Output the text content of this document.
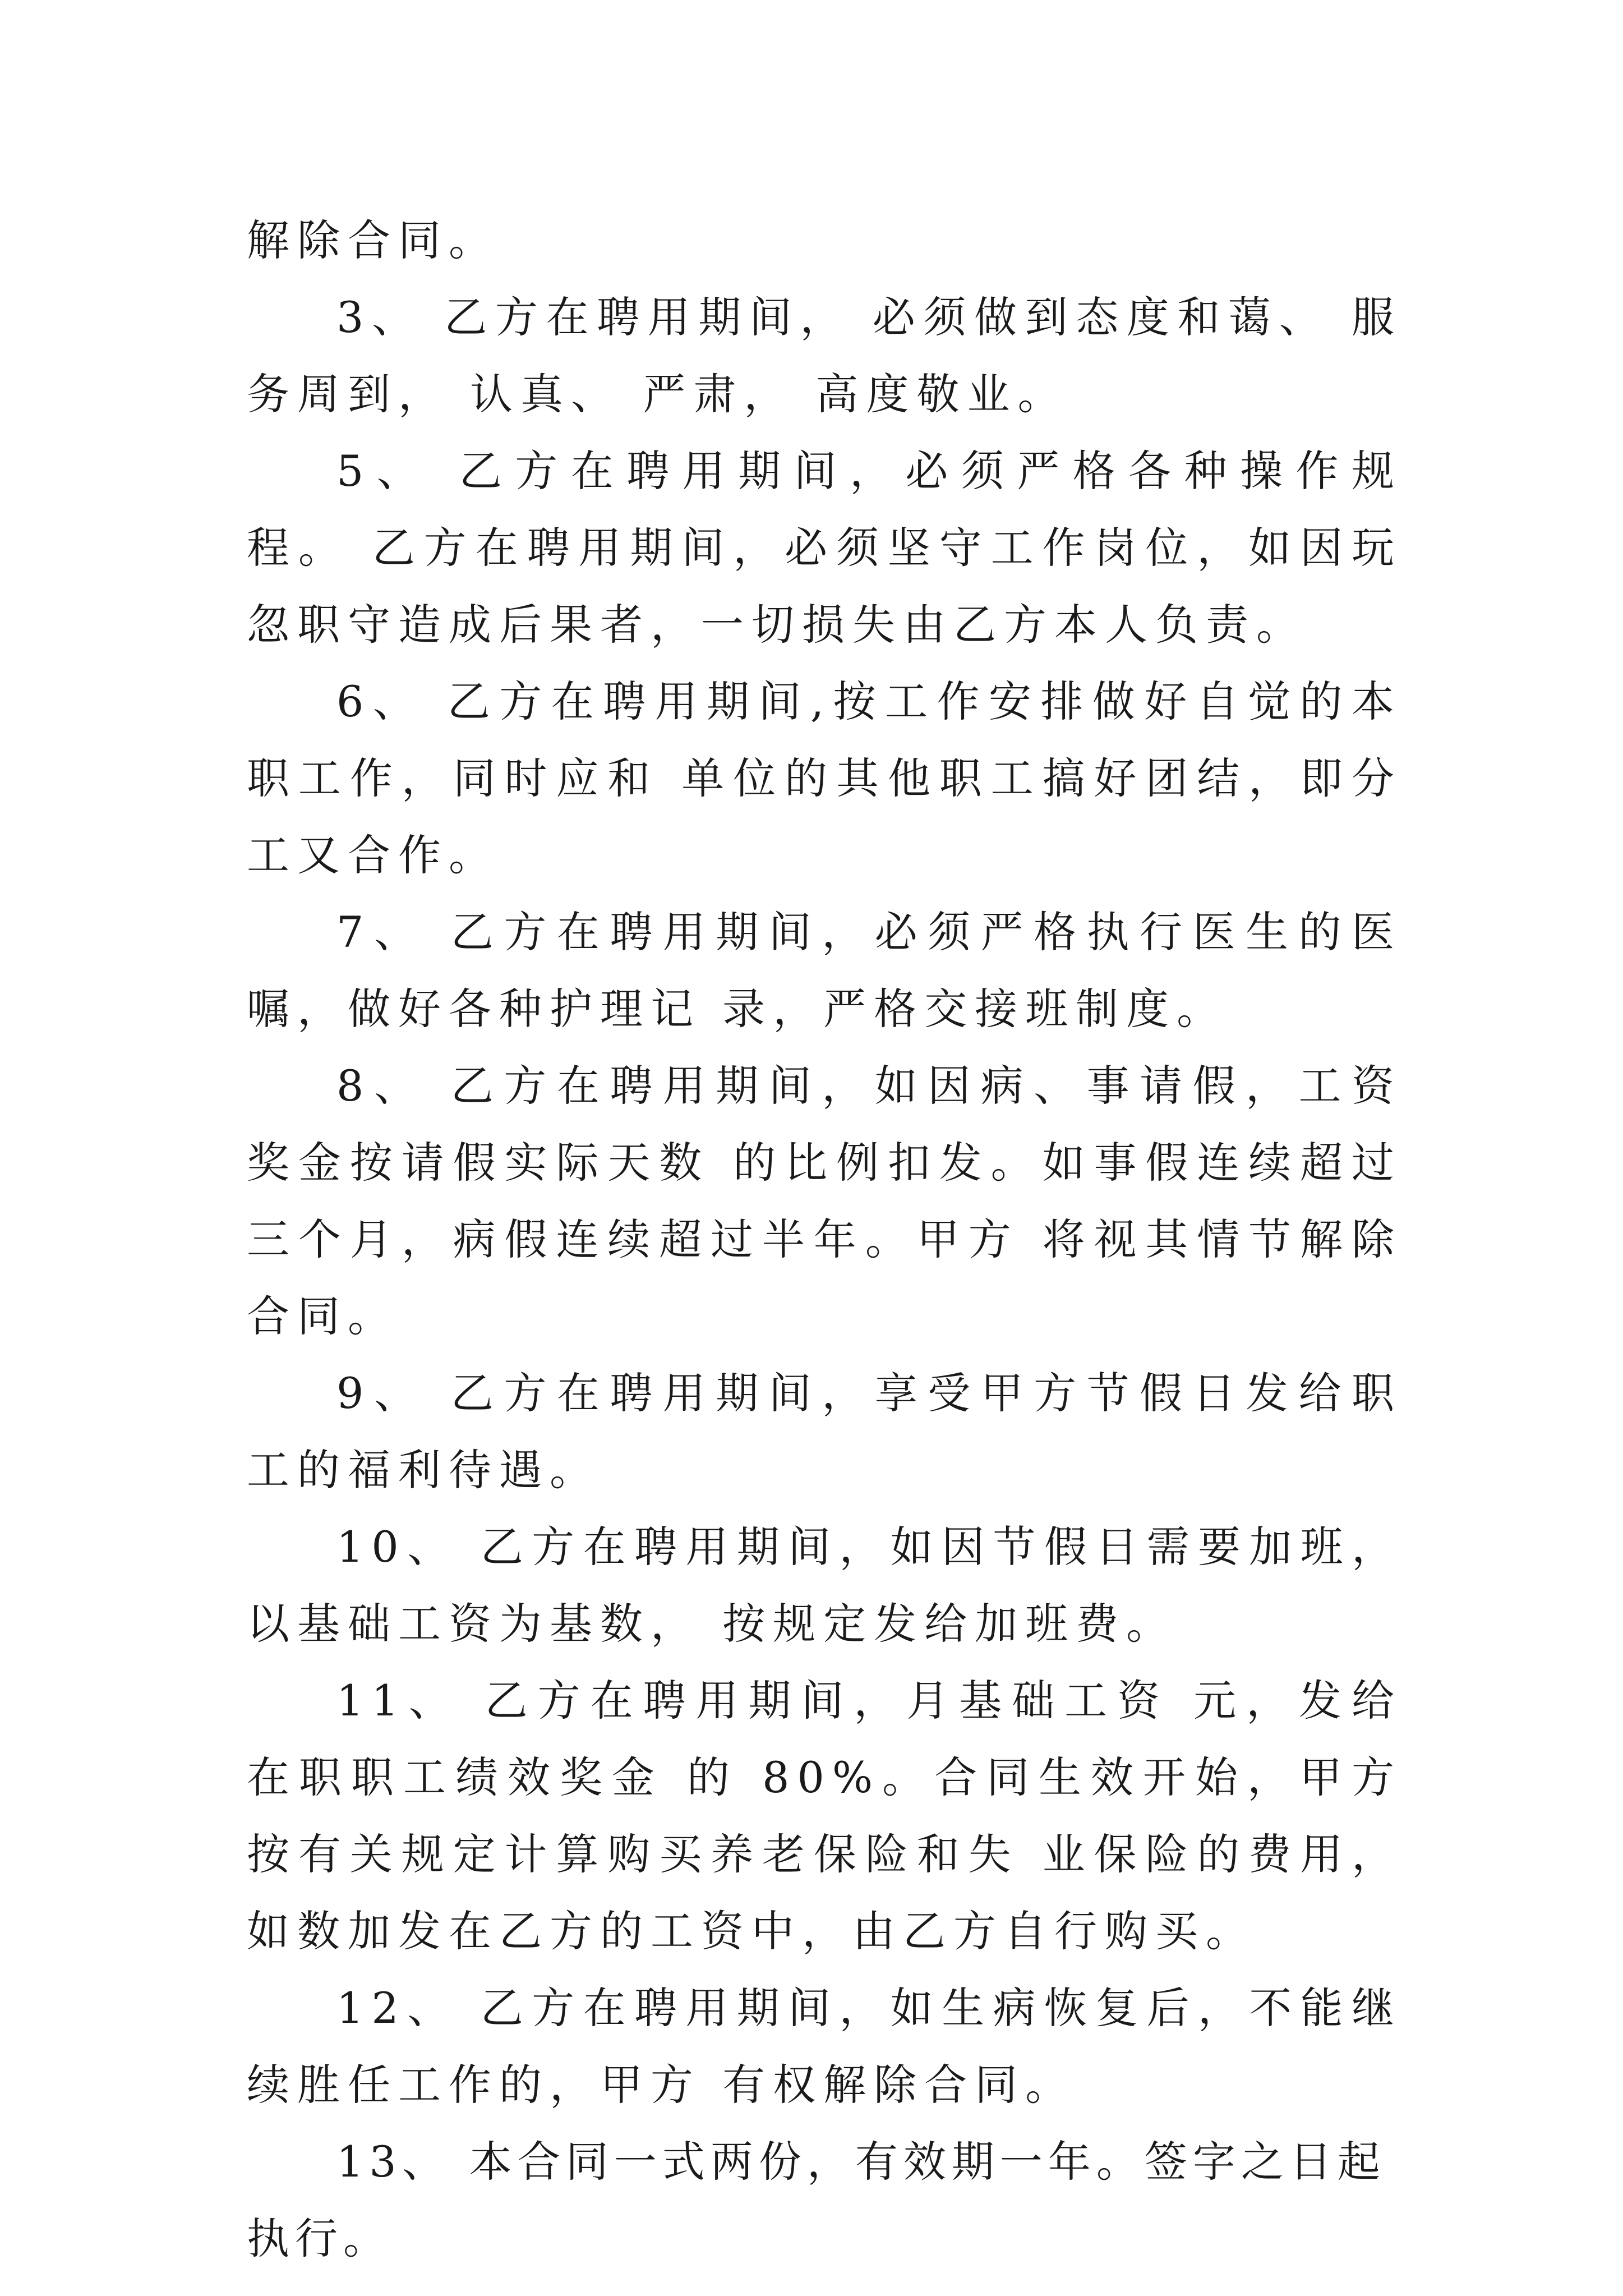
解除合同。

3、 乙方在聘用期间， 必须做到态度和蔼、 服务周到， 认真、 严肃， 高度敬业。

5、 乙方在聘用期间，必须严格各种操作规程。 乙方在聘用期间，必须坚守工作岗位，如因玩忽职守造成后果者，一切损失由乙方本人负责。

6、 乙方在聘用期间,按工作安排做好自觉的本职工作，同时应和 单位的其他职工搞好团结，即分工又合作。

7、 乙方在聘用期间，必须严格执行医生的医嘱，做好各种护理记 录，严格交接班制度。

8、 乙方在聘用期间，如因病、事请假，工资奖金按请假实际天数 的比例扣发。如事假连续超过三个月，病假连续超过半年。甲方 将视其情节解除合同。

9、 乙方在聘用期间，享受甲方节假日发给职工的福利待遇。

10、 乙方在聘用期间，如因节假日需要加班，以基础工资为基数， 按规定发给加班费。

11、 乙方在聘用期间，月基础工资 元，发给在职职工绩效奖金 的 80%。合同生效开始，甲方按有关规定计算购买养老保险和失 业保险的费用，如数加发在乙方的工资中，由乙方自行购买。

12、 乙方在聘用期间，如生病恢复后，不能继续胜任工作的，甲方 有权解除合同。

13、 本合同一式两份，有效期一年。签字之日起执行。
